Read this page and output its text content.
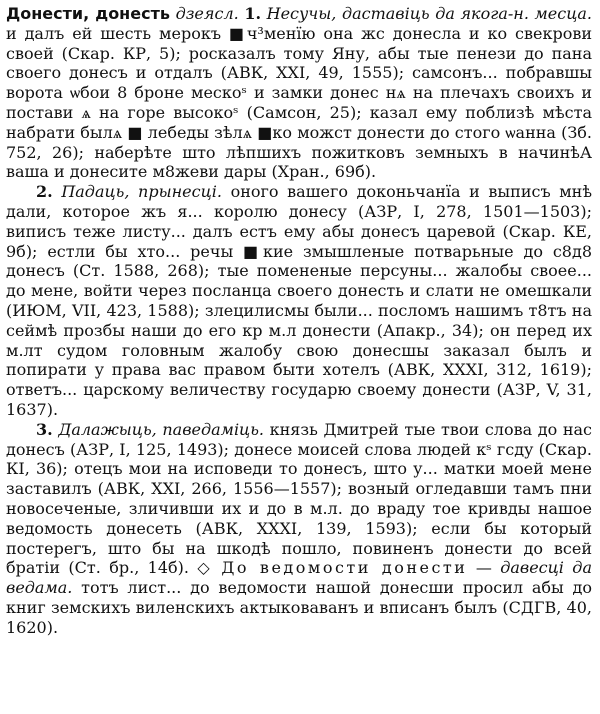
Донести, донесть дзеясл. 1. Несучы, даставіць да якога-н. месца. и далъ ей шесть мерокъ ■ч³менїю она жс донесла и ко свекрови своей (Скар. КР, 5); росказалъ тому Яну, абы тые пенези до пана своего донесъ и отдалъ (АВК, XXI, 49, 1555); самсонъ... побравшы ворота ѡбои 8 броне мескоˢ и замки донес нѧ на плечахъ своихъ и постави ѧ на горе высокоˢ (Самсон, 25); казал ему поблизѣ мѣста набрати былѧ ■ лебеды зѣлѧ ■ко можст донести до стого ѡанна (Зб. 752, 26); наберѣте што лѣпшихъ пожитковъ земныхъ в начинѣА ваша и донесите м8жеви дары (Хран., 69б).

2. Падаць, прынесці. оного вашего доконьчанїа и выписъ мнѣ дали, которое жъ я... королю донесу (АЗР, I, 278, 1501—1503); виписъ теже листу... далъ естъ ему абы донесъ царевой (Скар. КЕ, 9б); естли бы хто... речы ■кие змышленые потварьные до с8д8 донесъ (Ст. 1588, 268); тые помененые персуны... жалобы своее... до мене, войти через посланца своего донесть и слати не омешкали (ИЮМ, VII, 423, 1588); злецилисмы были... посломъ нашимъ т8тъ на сеймѣ прозбы наши до его кр м.л донести (Апакр., 34); он перед их м.лт судом головным жалобу свою донесшы заказал былъ и попирати у права вас правом быти хотелъ (АВК, XXXI, 312, 1619); ответъ... царскому величеству государю своему донести (АЗР, V, 31, 1637).

3. Далажыць, паведаміць. князь Дмитрей тые твои слова до нас донесъ (АЗР, I, 125, 1493); донесе моисей слова людей кˢ гсду (Скар. КІ, 36); отецъ мои на исповеди то донесъ, што у... матки моей мене заставилъ (АВК, XXI, 266, 1556—1557); возный огледавши тамъ пни новосеченые, зличивши их и до в м.л. до враду тое кривды нашое ведомость донесеть (АВК, XXXI, 139, 1593); если бы который постерегъ, што бы на шкодѣ пошло, повиненъ донести до всей братіи (Ст. бр., 14б). ◇ До ведомости донести — давесці да ведама. тотъ лист... до ведомости нашой донесши просил абы до книг земскихъ виленскихъ актыковаванъ и вписанъ былъ (СДГВ, 40, 1620).
